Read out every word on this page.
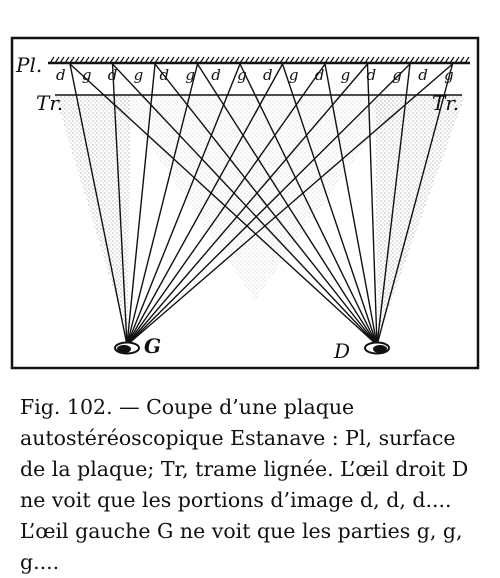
d g d g d g d g d g d g d g d g
Pl.
Tr.	Tr.
G	D

Fig. 102. — Coupe d’une plaque autostéréoscopique Estanave : Pl, surface de la plaque; Tr, trame lignée. L’œil droit D ne voit que les portions d’image d, d, d.... L’œil gauche G ne voit que les parties g, g, g....
